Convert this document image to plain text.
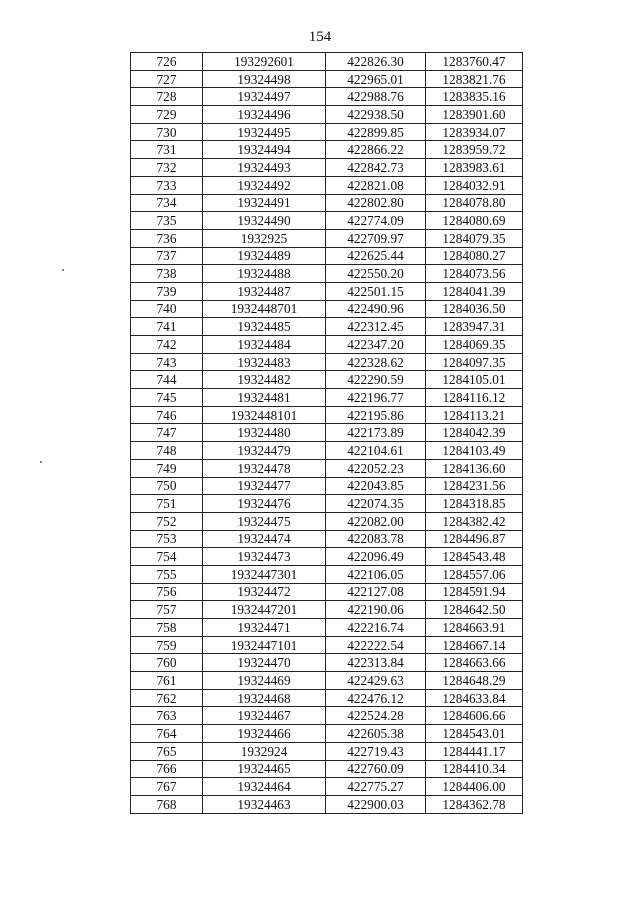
154
726	193292601	422826.30	1283760.47
727	19324498	422965.01	1283821.76
728	19324497	422988.76	1283835.16
729	19324496	422938.50	1283901.60
730	19324495	422899.85	1283934.07
731	19324494	422866.22	1283959.72
732	19324493	422842.73	1283983.61
733	19324492	422821.08	1284032.91
734	19324491	422802.80	1284078.80
735	19324490	422774.09	1284080.69
736	1932925	422709.97	1284079.35
737	19324489	422625.44	1284080.27
738	19324488	422550.20	1284073.56
739	19324487	422501.15	1284041.39
740	1932448701	422490.96	1284036.50
741	19324485	422312.45	1283947.31
742	19324484	422347.20	1284069.35
743	19324483	422328.62	1284097.35
744	19324482	422290.59	1284105.01
745	19324481	422196.77	1284116.12
746	1932448101	422195.86	1284113.21
747	19324480	422173.89	1284042.39
748	19324479	422104.61	1284103.49
749	19324478	422052.23	1284136.60
750	19324477	422043.85	1284231.56
751	19324476	422074.35	1284318.85
752	19324475	422082.00	1284382.42
753	19324474	422083.78	1284496.87
754	19324473	422096.49	1284543.48
755	1932447301	422106.05	1284557.06
756	19324472	422127.08	1284591.94
757	1932447201	422190.06	1284642.50
758	19324471	422216.74	1284663.91
759	1932447101	422222.54	1284667.14
760	19324470	422313.84	1284663.66
761	19324469	422429.63	1284648.29
762	19324468	422476.12	1284633.84
763	19324467	422524.28	1284606.66
764	19324466	422605.38	1284543.01
765	1932924	422719.43	1284441.17
766	19324465	422760.09	1284410.34
767	19324464	422775.27	1284406.00
768	19324463	422900.03	1284362.78
